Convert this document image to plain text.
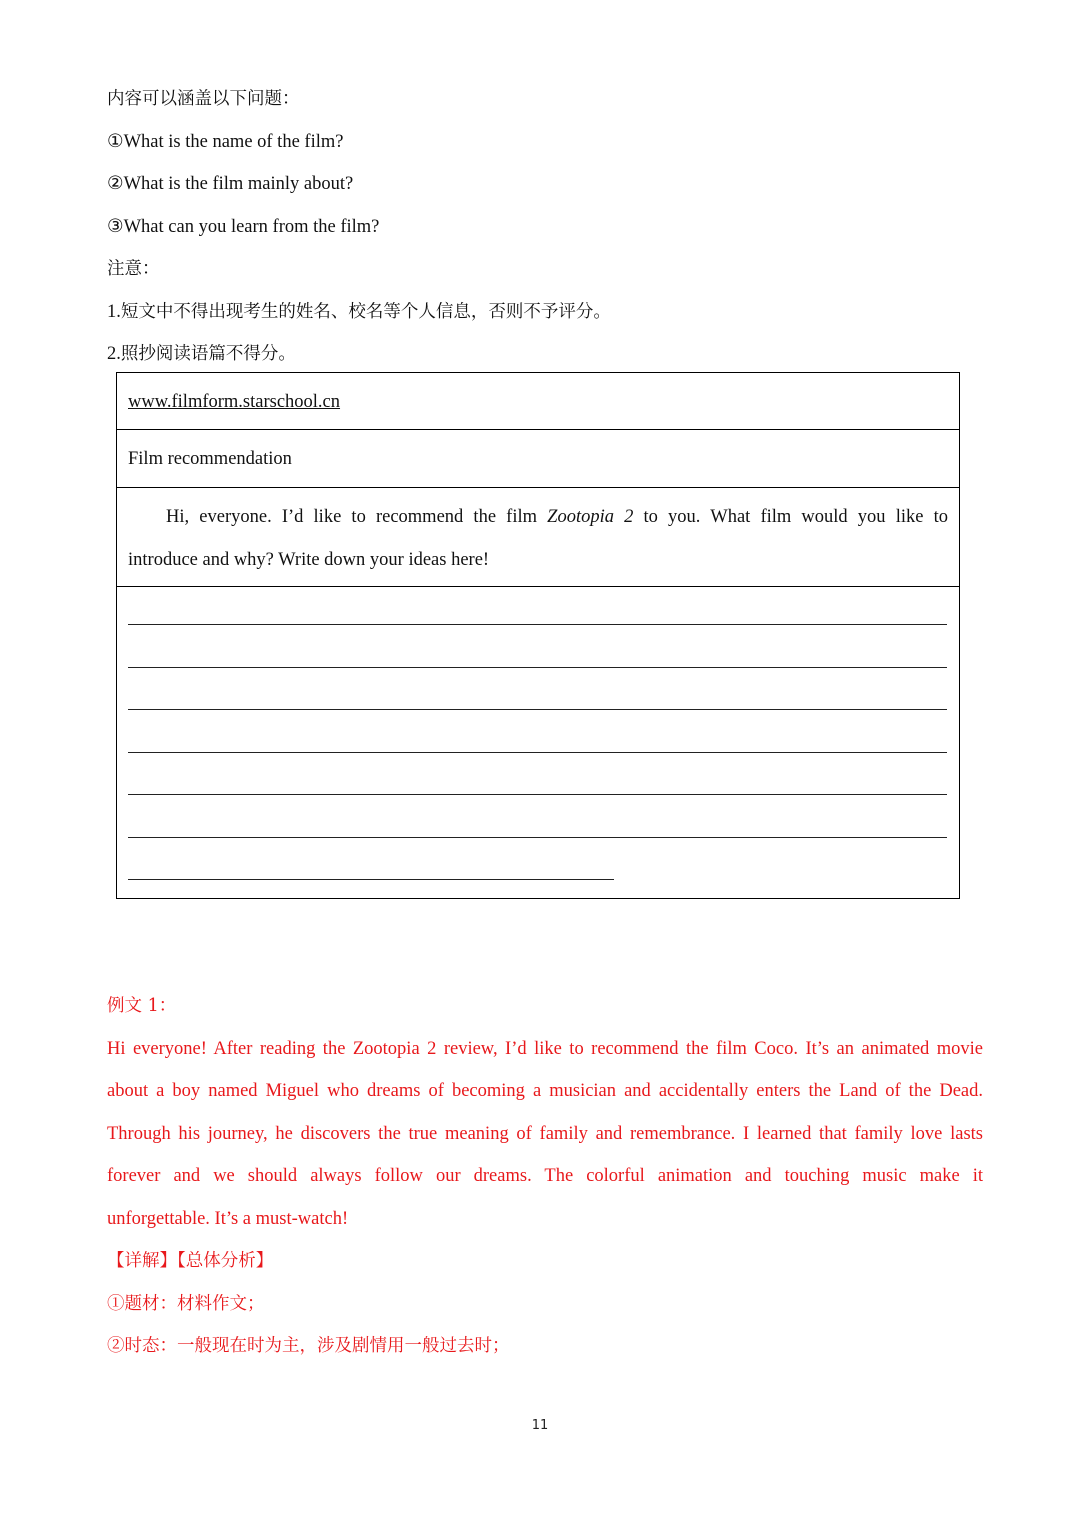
内容可以涵盖以下问题：
①What is the name of the film?
②What is the film mainly about?
③What can you learn from the film?
注意：
1.短文中不得出现考生的姓名、校名等个人信息，否则不予评分。
2.照抄阅读语篇不得分。
www.filmform.starschool.cn
Film recommendation
Hi, everyone. I’d like to recommend the film Zootopia 2 to you. What film would you like to
introduce and why? Write down your ideas here!
例文 1：
Hi everyone! After reading the Zootopia 2 review, I’d like to recommend the film Coco. It’s an animated movie
about a boy named Miguel who dreams of becoming a musician and accidentally enters the Land of the Dead.
Through his journey, he discovers the true meaning of family and remembrance. I learned that family love lasts
forever and we should always follow our dreams. The colorful animation and touching music make it
unforgettable. It’s a must-watch!
【详解】【总体分析】
①题材：材料作文；
②时态：一般现在时为主，涉及剧情用一般过去时；
11
